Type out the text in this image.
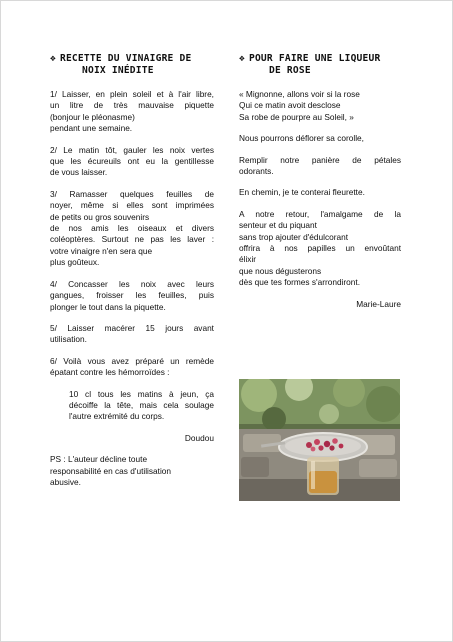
❖ RECETTE DU VINAIGRE DE
NOIX INÉDITE
1/ Laisser, en plein soleil et à l'air libre,
un litre de très mauvaise piquette
(bonjour le pléonasme)
pendant une semaine.
2/ Le matin tôt, gauler les noix vertes
que les écureuils ont eu la gentillesse
de vous laisser.
3/ Ramasser quelques feuilles de
noyer, même si elles sont imprimées
de petits ou gros souvenirs
de nos amis les oiseaux et divers
coléoptères. Surtout ne pas les laver :
votre vinaigre n'en sera que
plus goûteux.
4/ Concasser les noix avec leurs
gangues, froisser les feuilles, puis
plonger le tout dans la piquette.
5/ Laisser macérer 15 jours avant
utilisation.
6/ Voilà vous avez préparé un remède
épatant contre les hémorroïdes :
10 cl tous les matins à jeun, ça
décoiffe la tête, mais cela soulage
l'autre extrémité du corps.
Doudou
PS : L'auteur décline toute
responsabilité en cas d'utilisation
abusive.
❖ POUR FAIRE UNE LIQUEUR
DE ROSE
« Mignonne, allons voir si la rose
Qui ce matin avoit desclose
Sa robe de pourpre au Soleil, »
Nous pourrons déflorer sa corolle,
Remplir notre panière de pétales
odorants.
En chemin, je te conterai fleurette.
A notre retour, l'amalgame de la
senteur et du piquant
sans trop ajouter d'édulcorant
offrira à nos papilles un envoûtant
élixir
que nous dégusterons
dès que tes formes s'arrondiront.
Marie-Laure
